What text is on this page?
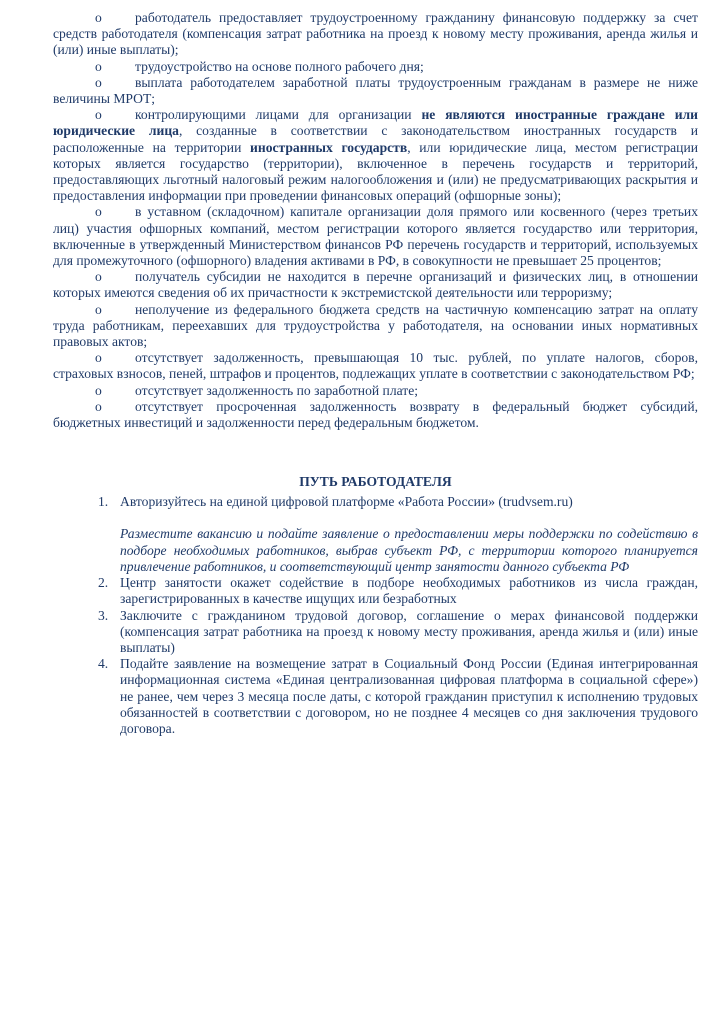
o работодатель предоставляет трудоустроенному гражданину финансовую поддержку за счет средств работодателя (компенсация затрат работника на проезд к новому месту проживания, аренда жилья и (или) иные выплаты);

o трудоустройство на основе полного рабочего дня;

o выплата работодателем заработной платы трудоустроенным гражданам в размере не ниже величины МРОТ;

o контролирующими лицами для организации не являются иностранные граждане или юридические лица, созданные в соответствии с законодательством иностранных государств и расположенные на территории иностранных государств, или юридические лица, местом регистрации которых является государство (территории), включенное в перечень государств и территорий, предоставляющих льготный налоговый режим налогообложения и (или) не предусматривающих раскрытия и предоставления информации при проведении финансовых операций (офшорные зоны);

o в уставном (складочном) капитале организации доля прямого или косвенного (через третьих лиц) участия офшорных компаний, местом регистрации которого является государство или территория, включенные в утвержденный Министерством финансов РФ перечень государств и территорий, используемых для промежуточного (офшорного) владения активами в РФ, в совокупности не превышает 25 процентов;

o получатель субсидии не находится в перечне организаций и физических лиц, в отношении которых имеются сведения об их причастности к экстремистской деятельности или терроризму;

o неполучение из федерального бюджета средств на частичную компенсацию затрат на оплату труда работникам, переехавших для трудоустройства у работодателя, на основании иных нормативных правовых актов;

o отсутствует задолженность, превышающая 10 тыс. рублей, по уплате налогов, сборов, страховых взносов, пеней, штрафов и процентов, подлежащих уплате в соответствии с законодательством РФ;

o отсутствует задолженность по заработной плате;

o отсутствует просроченная задолженность возврату в федеральный бюджет субсидий, бюджетных инвестиций и задолженности перед федеральным бюджетом.

ПУТЬ РАБОТОДАТЕЛЯ
1. Авторизуйтесь на единой цифровой платформе «Работа России» (trudvsem.ru)

Разместите вакансию и подайте заявление о предоставлении меры поддержки по содействию в подборе необходимых работников, выбрав субъект РФ, с территории которого планируется привлечение работников, и соответствующий центр занятости данного субъекта РФ

2. Центр занятости окажет содействие в подборе необходимых работников из числа граждан, зарегистрированных в качестве ищущих или безработных
3. Заключите с гражданином трудовой договор, соглашение о мерах финансовой поддержки (компенсация затрат работника на проезд к новому месту проживания, аренда жилья и (или) иные выплаты)
4. Подайте заявление на возмещение затрат в Социальный Фонд России (Единая интегрированная информационная система «Единая централизованная цифровая платформа в социальной сфере») не ранее, чем через 3 месяца после даты, с которой гражданин приступил к исполнению трудовых обязанностей в соответствии с договором, но не позднее 4 месяцев со дня заключения трудового договора.
